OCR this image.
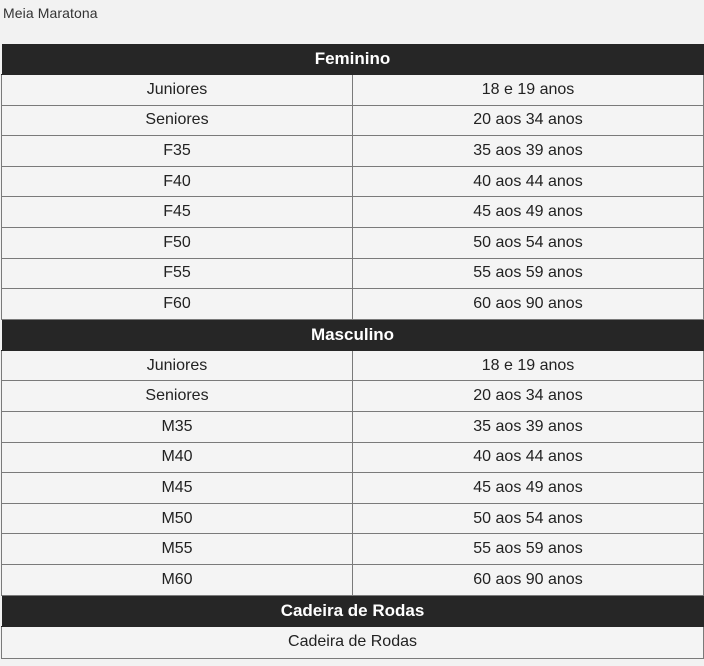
Meia Maratona
Feminino	
Juniores	18 e 19 anos
Seniores	20 aos 34 anos
F35	35 aos 39 anos
F40	40 aos 44 anos
F45	45 aos 49 anos
F50	50 aos 54 anos
F55	55 aos 59 anos
F60	60 aos 90 anos
Masculino	
Juniores	18 e 19 anos
Seniores	20 aos 34 anos
M35	35 aos 39 anos
M40	40 aos 44 anos
M45	45 aos 49 anos
M50	50 aos 54 anos
M55	55 aos 59 anos
M60	60 aos 90 anos
Cadeira de Rodas	
Cadeira de Rodas	
